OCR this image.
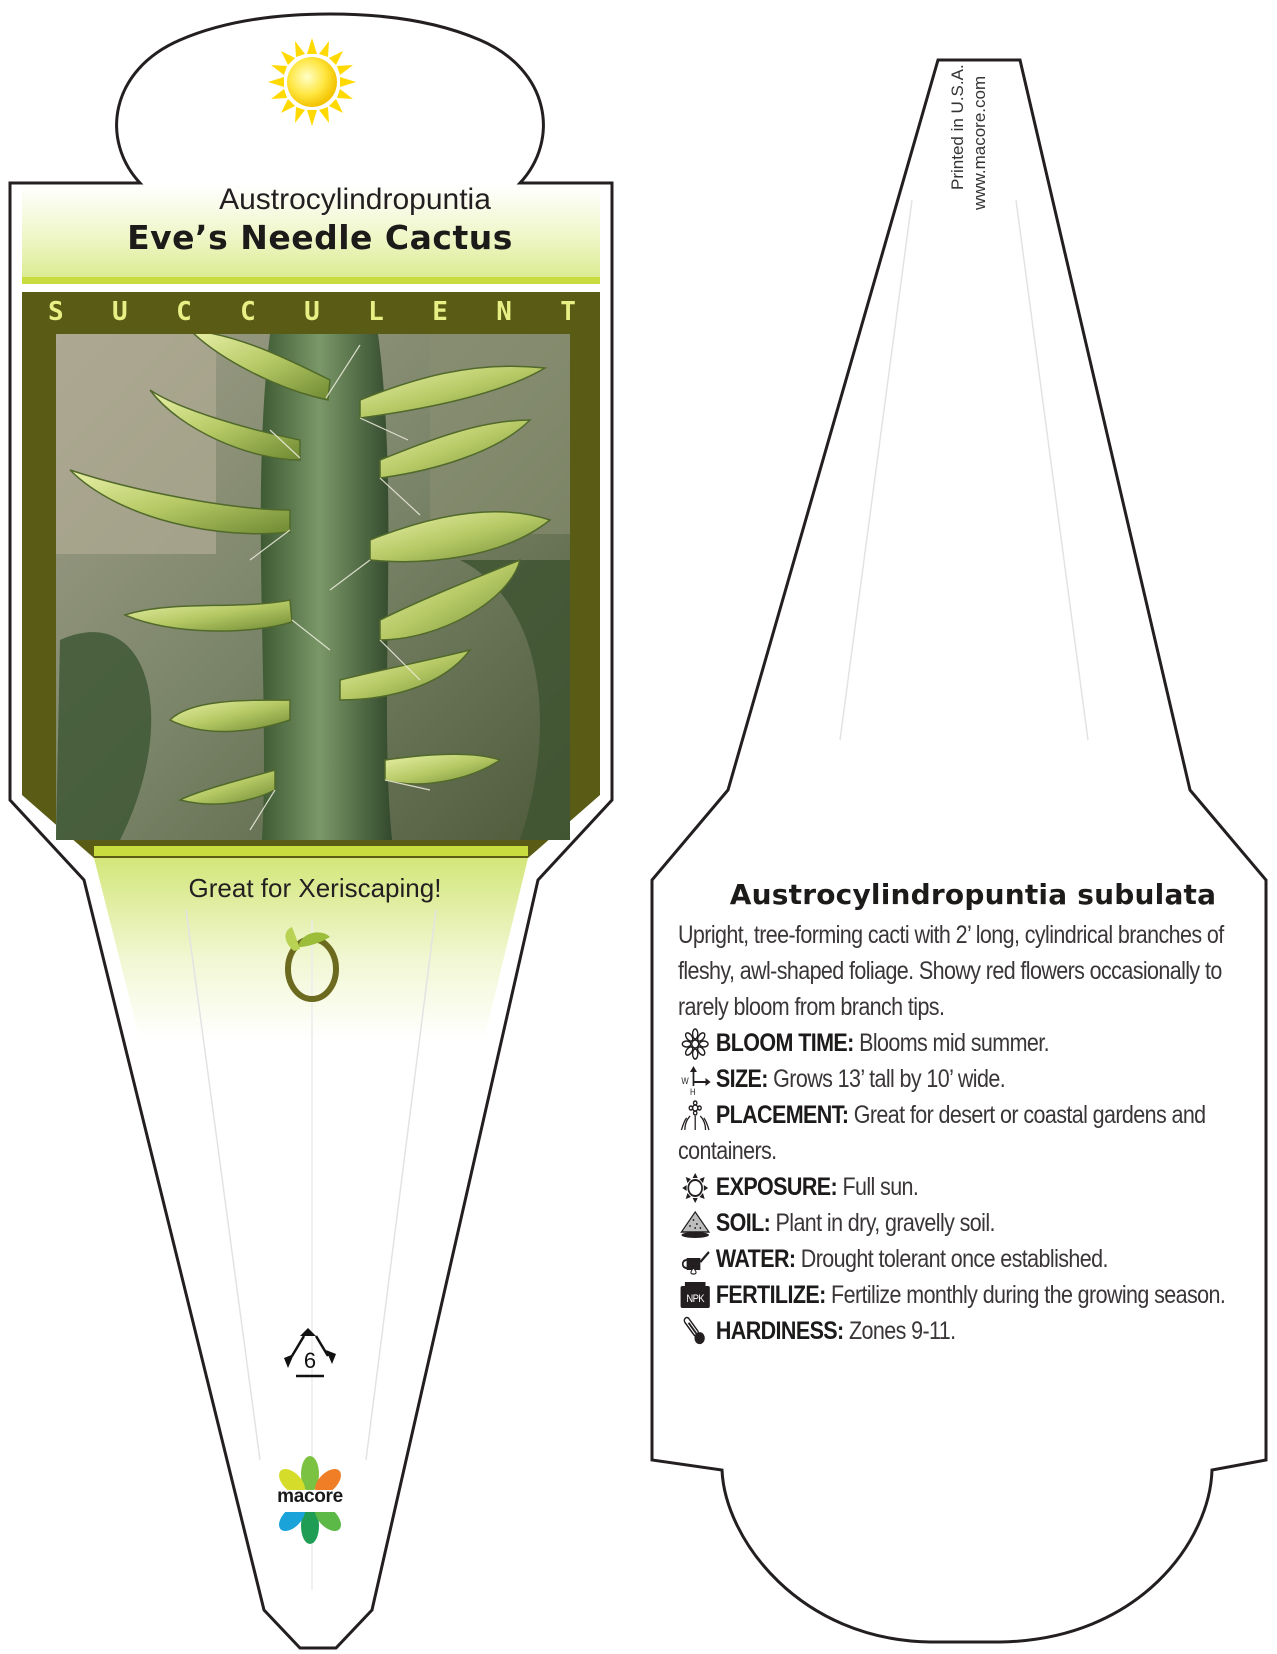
Austrocylindropuntia
Eve’s Needle Cactus
S U C C U L E N T
Great for Xeriscaping!
6
macore
Printed in U.S.A. www.macore.com
Austrocylindropuntia subulata
Upright, tree-forming cacti with 2’ long, cylindrical branches of fleshy, awl-shaped foliage. Showy red flowers occasionally to rarely bloom from branch tips.
BLOOM TIME: Blooms mid summer.
W
H SIZE: Grows 13’ tall by 10’ wide.
PLACEMENT: Great for desert or coastal gardens and containers.
EXPOSURE: Full sun.
SOIL: Plant in dry, gravelly soil.
WATER: Drought tolerant once established.
NPK FERTILIZE: Fertilize monthly during the growing season.
HARDINESS: Zones 9-11.
